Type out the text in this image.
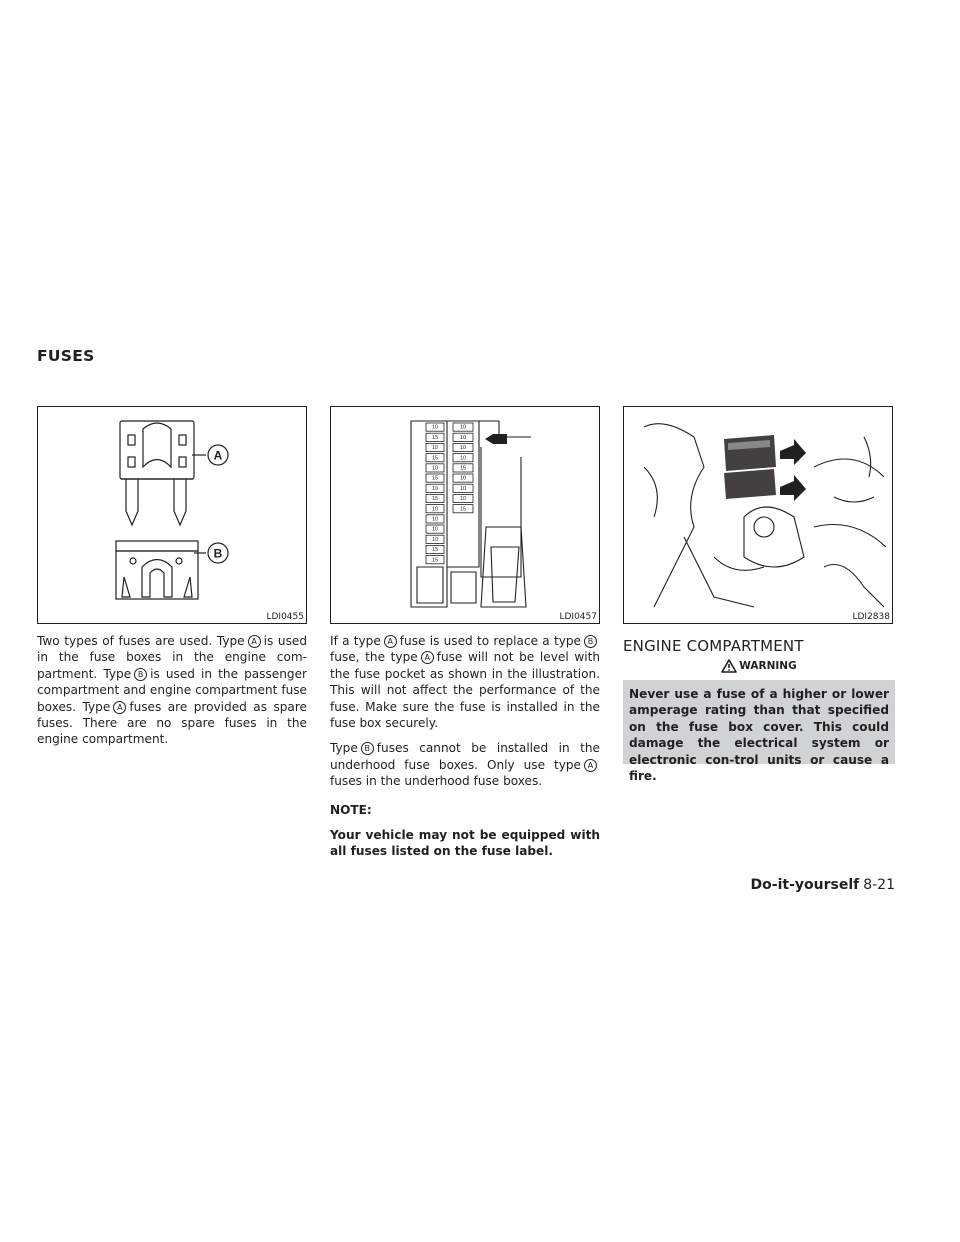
FUSES
A
B
LDI0455
10
15
10
15
10
15
10
15
10
10
10
10
15
15
10
10
10
10
15
10
10
10
15
LDI0457	LDI2838

Two types of fuses are used. Type A is used in the fuse boxes in the engine com-partment. Type B is used in the passenger compartment and engine compartment fuse boxes. Type A fuses are provided as spare fuses. There are no spare fuses in the engine compartment.

If a type A fuse is used to replace a type Bfuse, the type A fuse will not be level with the fuse pocket as shown in the illustration. This will not affect the performance of the fuse. Make sure the fuse is installed in the fuse box securely.

Type B fuses cannot be installed in the underhood fuse boxes. Only use type Afuses in the underhood fuse boxes.

NOTE:

Your vehicle may not be equipped with all fuses listed on the fuse label.

ENGINE COMPARTMENT
WARNING
Never use a fuse of a higher or lower amperage rating than that specified on the fuse box cover. This could damage the electrical system or electronic con-trol units or cause a fire.
Do-it-yourself 8-21
